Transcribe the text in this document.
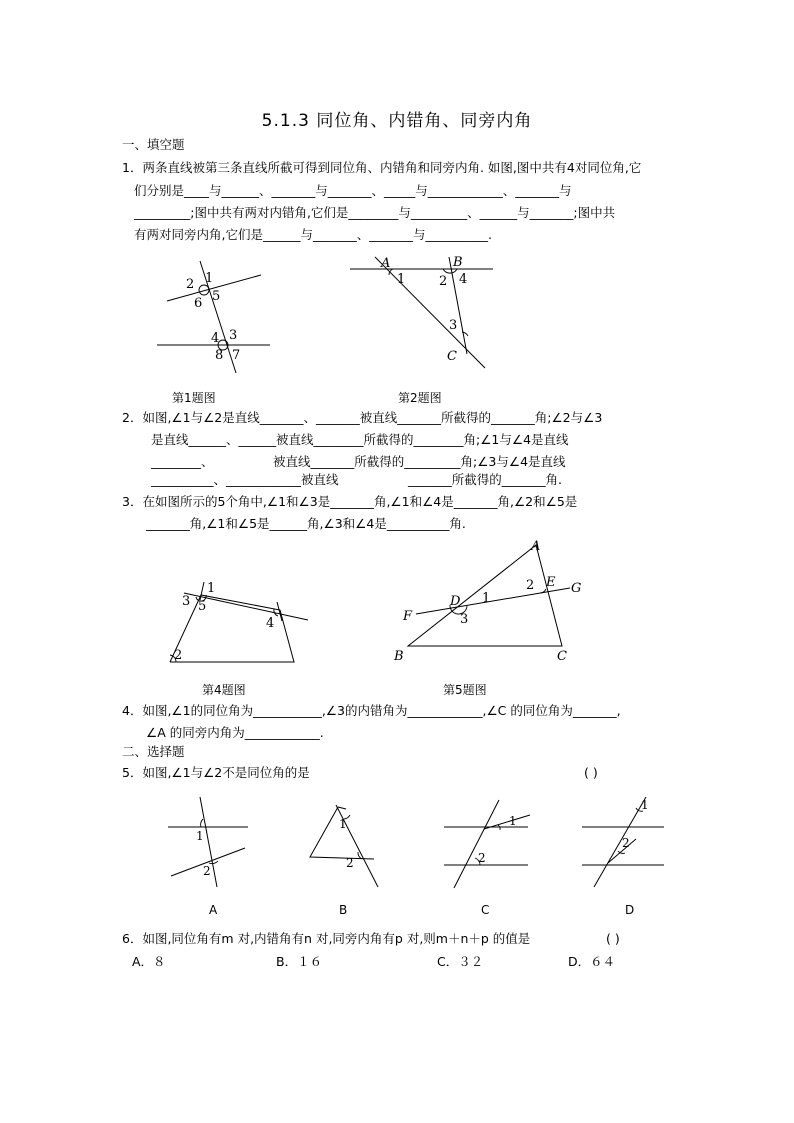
5.1.3 同位角、内错角、同旁内角
一、填空题
1．两条直线被第三条直线所截可得到同位角、内错角和同旁内角. 如图,图中共有4对同位角,它
们分别是____与______、_______与_______、_____与____________、_______与
_________;图中共有两对内错角,它们是________与_________、______与_______;图中共
有两对同旁内角,它们是______与_______、_______与__________.
1
2
6 5
4 3
8 7
第1题图
A
1
B
2 4
3
C
第2题图
2．如图,∠1与∠2是直线_______、_______被直线_______所截得的_______角;∠2与∠3
是直线______、______被直线________所截得的________角;∠1与∠4是直线
________、	被直线_______所截得的_________角;∠3与∠4是直线
__________、____________被直线	_______所截得的_______角.
3．在如图所示的5个角中,∠1和∠3是_______角,∠1和∠4是_______角,∠2和∠5是
_______角,∠1和∠5是______角,∠3和∠4是__________角.
1
3 5
4
2
第4题图
A
2 E G
D 1
F	3
B	C
第5题图
4．如图,∠1的同位角为___________,∠3的内错角为____________,∠C 的同位角为_______,
∠A 的同旁内角为____________.
二、选择题
5．如图,∠1与∠2不是同位角的是	( )
1
2
A
1
2
B
1
2
C
1
2
D
6．如图,同位角有m 对,内错角有n 对,同旁内角有p 对,则m＋n＋p 的值是	( )
A．８	B．１６	C．３２	D．６４
